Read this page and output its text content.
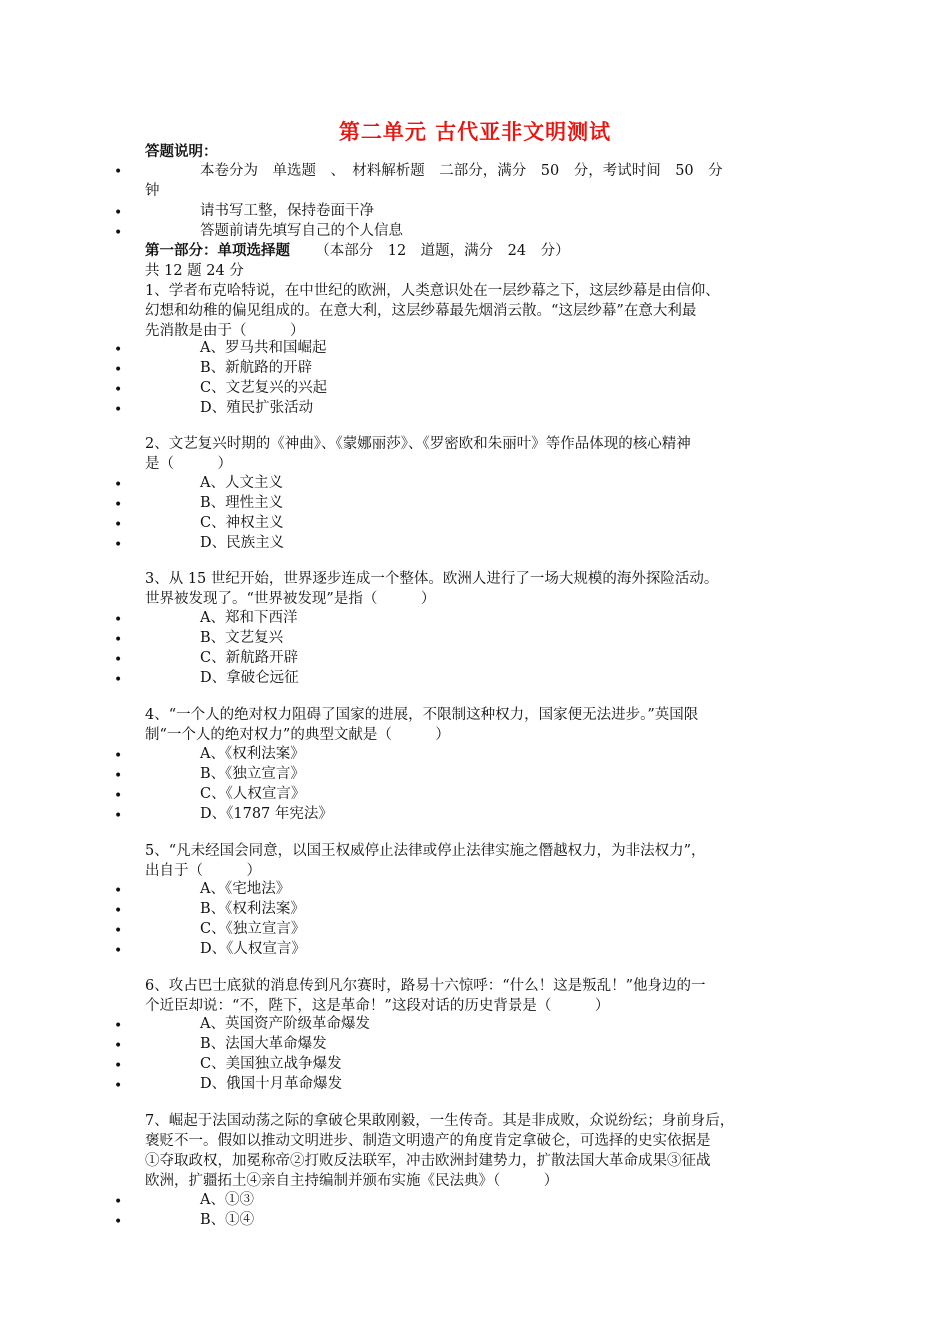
第二单元 古代亚非文明测试
答题说明：
•	本卷分为　单选题　、　材料解析题　二部分，满分　50　分，考试时间　50　分
钟
•	请书写工整，保持卷面干净
•	答题前请先填写自己的个人信息
第一部分：单项选择题 （本部分　12　道题，满分　24　分）
共 12 题 24 分
1、学者布克哈特说，在中世纪的欧洲，人类意识处在一层纱幕之下，这层纱幕是由信仰、
幻想和幼稚的偏见组成的。在意大利，这层纱幕最先烟消云散。“这层纱幕”在意大利最
先消散是由于（　　　）
•	A、罗马共和国崛起
•	B、新航路的开辟
•	C、文艺复兴的兴起
•	D、殖民扩张活动
2、文艺复兴时期的《神曲》、《蒙娜丽莎》、《罗密欧和朱丽叶》等作品体现的核心精神
是（　　　）
•	A、人文主义
•	B、理性主义
•	C、神权主义
•	D、民族主义
3、从 15 世纪开始，世界逐步连成一个整体。欧洲人进行了一场大规模的海外探险活动。
世界被发现了。“世界被发现”是指（　　　）
•	A、郑和下西洋
•	B、文艺复兴
•	C、新航路开辟
•	D、拿破仑远征
4、“一个人的绝对权力阻碍了国家的进展，不限制这种权力，国家便无法进步。”英国限
制“一个人的绝对权力”的典型文献是（　　　）
•	A、《权利法案》
•	B、《独立宣言》
•	C、《人权宣言》
•	D、《1787 年宪法》
5、“凡未经国会同意，以国王权威停止法律或停止法律实施之僭越权力，为非法权力”，
出自于（　　　）
•	A、《宅地法》
•	B、《权利法案》
•	C、《独立宣言》
•	D、《人权宣言》
6、攻占巴士底狱的消息传到凡尔赛时，路易十六惊呼：“什么！这是叛乱！”他身边的一
个近臣却说：“不，陛下，这是革命！”这段对话的历史背景是（　　　）
•	A、英国资产阶级革命爆发
•	B、法国大革命爆发
•	C、美国独立战争爆发
•	D、俄国十月革命爆发
7、崛起于法国动荡之际的拿破仑果敢刚毅，一生传奇。其是非成败，众说纷纭；身前身后，
褒贬不一。假如以推动文明进步、制造文明遗产的角度肯定拿破仑，可选择的史实依据是
①夺取政权，加冕称帝②打败反法联军，冲击欧洲封建势力，扩散法国大革命成果③征战
欧洲，扩疆拓土④亲自主持编制并颁布实施《民法典》（　　　）
•	A、①③
•	B、①④
